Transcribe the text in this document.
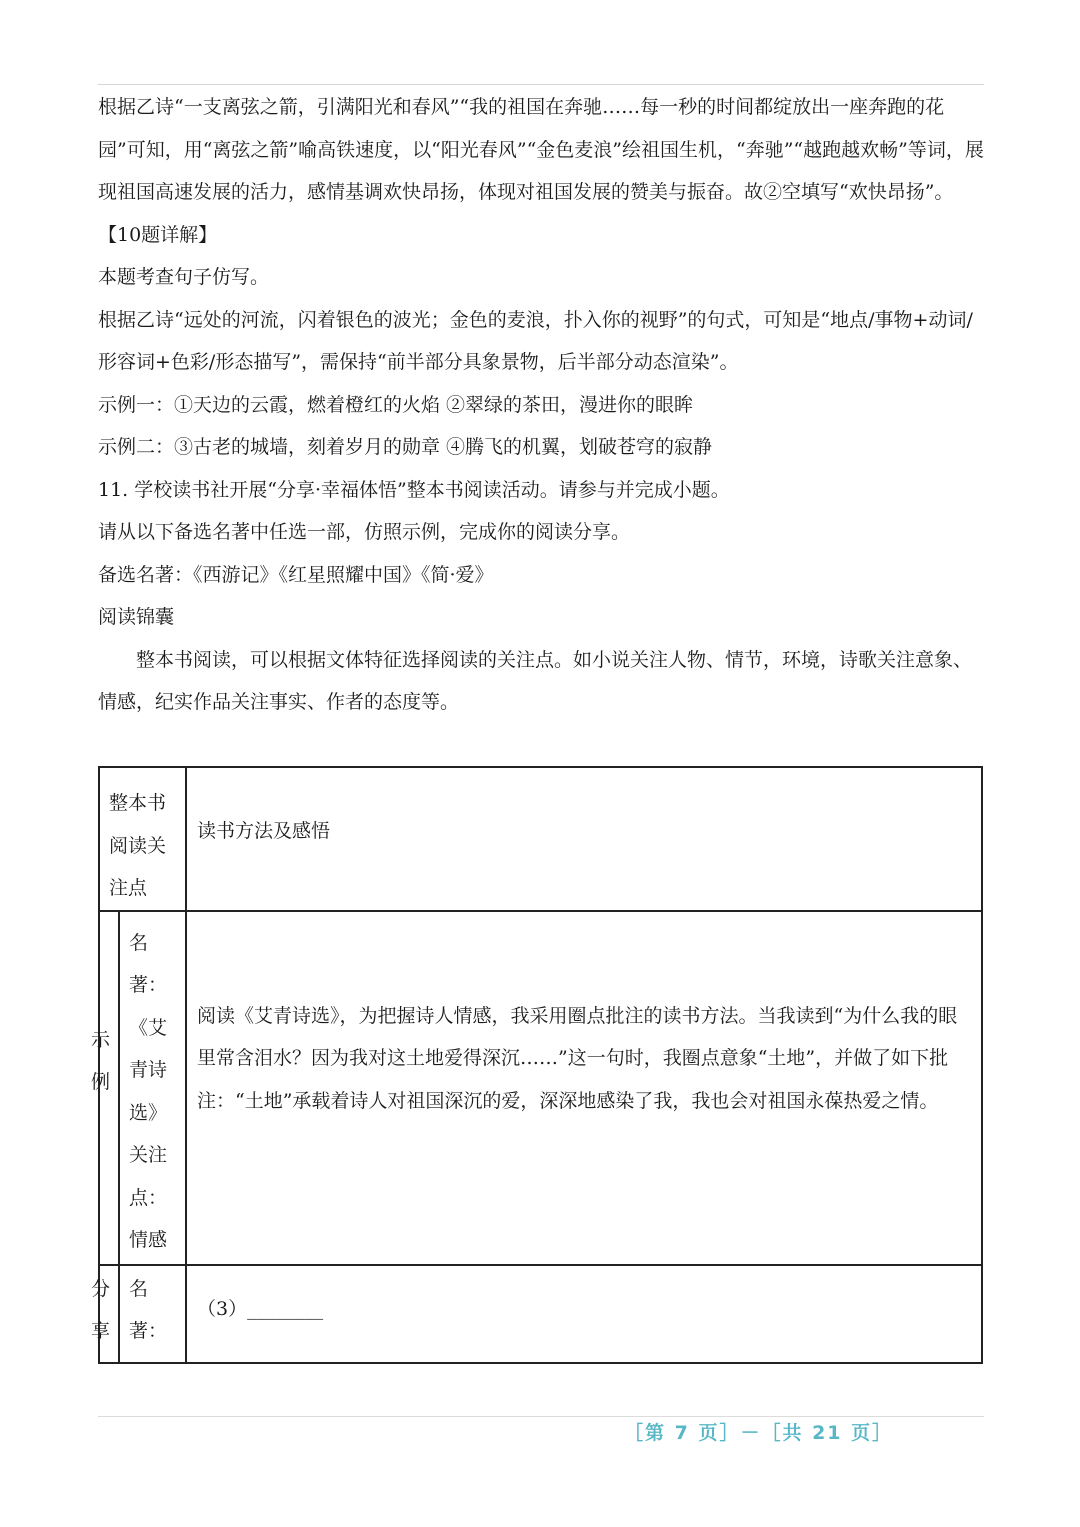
根据乙诗“一支离弦之箭，引满阳光和春风”“我的祖国在奔驰……每一秒的时间都绽放出一座奔跑的花园”可知，用“离弦之箭”喻高铁速度，以“阳光春风”“金色麦浪”绘祖国生机，“奔驰”“越跑越欢畅”等词，展现祖国高速发展的活力，感情基调欢快昂扬，体现对祖国发展的赞美与振奋。故②空填写“欢快昂扬”。

【10题详解】

本题考查句子仿写。

根据乙诗“远处的河流，闪着银色的波光；金色的麦浪，扑入你的视野”的句式，可知是“地点/事物+动词/形容词+色彩/形态描写”，需保持“前半部分具象景物，后半部分动态渲染”。

示例一：①天边的云霞，燃着橙红的火焰 ②翠绿的茶田，漫进你的眼眸

示例二：③古老的城墙，刻着岁月的勋章 ④腾飞的机翼，划破苍穹的寂静

11. 学校读书社开展“分享·幸福体悟”整本书阅读活动。请参与并完成小题。

请从以下备选名著中任选一部，仿照示例，完成你的阅读分享。

备选名著：《西游记》《红星照耀中国》《简·爱》

阅读锦囊

整本书阅读，可以根据文体特征选择阅读的关注点。如小说关注人物、情节，环境，诗歌关注意象、情感，纪实作品关注事实、作者的态度等。

整本书阅读关注点		读书方法及感悟

示例	名著：《艾青诗选》关注点：情感	阅读《艾青诗选》，为把握诗人情感，我采用圈点批注的读书方法。当我读到“为什么我的眼里常含泪水？因为我对这土地爱得深沉……”这一句时，我圈点意象“土地”，并做了如下批注：“土地”承载着诗人对祖国深沉的爱，深深地感染了我，我也会对祖国永葆热爱之情。

分享	名著：	（3）________
［第 7 页］－［共 21 页］
